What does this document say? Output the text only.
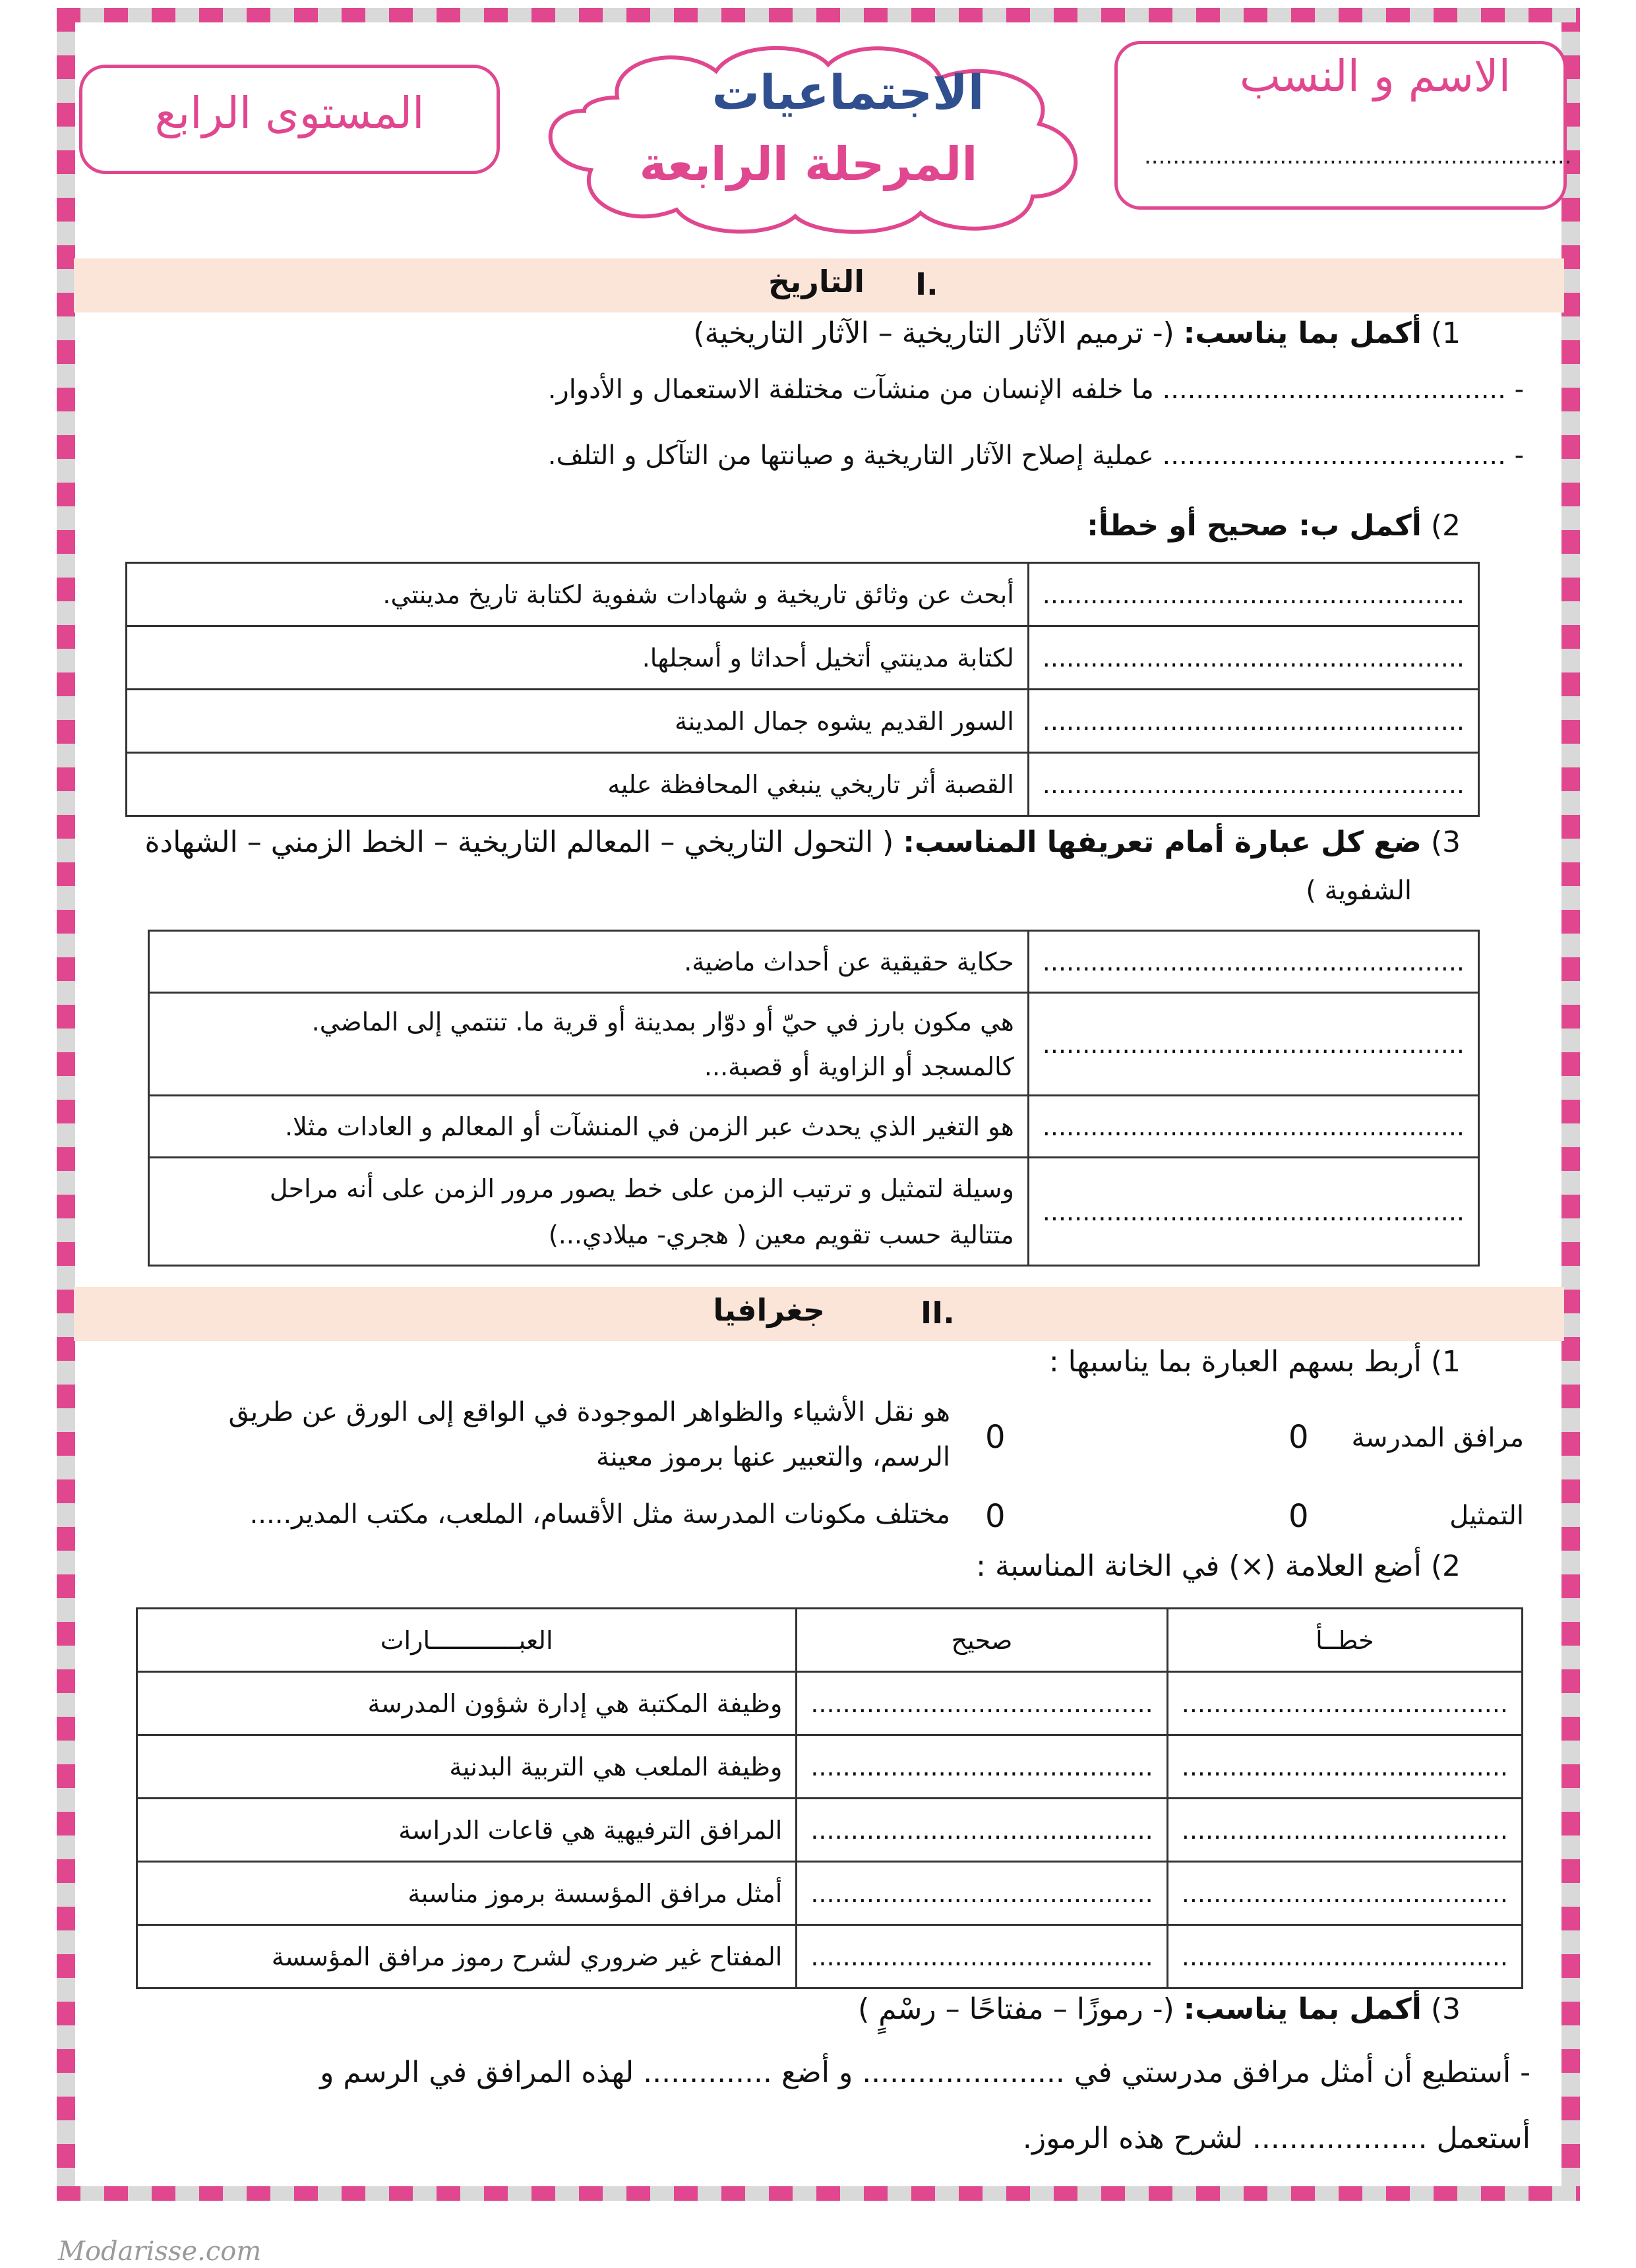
الاسم و النسب
............................................................
الاجتماعيات
المرحلة الرابعة
المستوى الرابع
I.
التاريخ
1) أكمل بما يناسب: (- ترميم الآثار التاريخية – الآثار التاريخية)
- ......................................... ما خلفه الإنسان من منشآت مختلفة الاستعمال و الأدوار.
- ......................................... عملية إصلاح الآثار التاريخية و صيانتها من التآكل و التلف.
2) أكمل ب: صحيح أو خطأ:
أبحث عن وثائق تاريخية و شهادات شفوية لكتابة تاريخ مدينتي.	.....................................................
لكتابة مدينتي أتخيل أحداثا و أسجلها.	.....................................................
السور القديم يشوه جمال المدينة	.....................................................
القصبة أثر تاريخي ينبغي المحافظة عليه	.....................................................
3) ضع كل عبارة أمام تعريفها المناسب: ( التحول التاريخي – المعالم التاريخية – الخط الزمني – الشهادة
الشفوية )
حكاية حقيقية عن أحداث ماضية.	.....................................................

هي مكون بارز في حيّ أو دوّار بمدينة أو قرية ما. تنتمي إلى الماضي.
كالمسجد أو الزاوية أو قصبة...	.....................................................

هو التغير الذي يحدث عبر الزمن في المنشآت أو المعالم و العادات مثلا.	.....................................................

وسيلة لتمثيل و ترتيب الزمن على خط يصور مرور الزمن على أنه مراحل
متتالية حسب تقويم معين ( هجري- ميلادي...)	.....................................................
II.
جغرافيا
1) أربط بسهم العبارة بما يناسبها :
مرافق المدرسة
التمثيل
0
0
0
0
هو نقل الأشياء والظواهر الموجودة في الواقع إلى الورق عن طريق
الرسم، والتعبير عنها برموز معينة
مختلف مكونات المدرسة مثل الأقسام، الملعب، مكتب المدير.....
2) أضع العلامة (×) في الخانة المناسبة :
العبــــــــــــارات	صحيح	خطــأ
وظيفة المكتبة هي إدارة شؤون المدرسة	...........................................	.........................................
وظيفة الملعب هي التربية البدنية	...........................................	.........................................
المرافق الترفيهية هي قاعات الدراسة	...........................................	.........................................
أمثل مرافق المؤسسة برموز مناسبة	...........................................	.........................................
المفتاح غير ضروري لشرح رموز مرافق المؤسسة	...........................................	.........................................
3) أكمل بما يناسب: (- رموزًا – مفتاحًا – رسْمٍ )
- أستطيع أن أمثل مرافق مدرستي في ...................... و أضع .............. لهذه المرافق في الرسم و
أستعمل ................... لشرح هذه الرموز.
Modarisse.com
